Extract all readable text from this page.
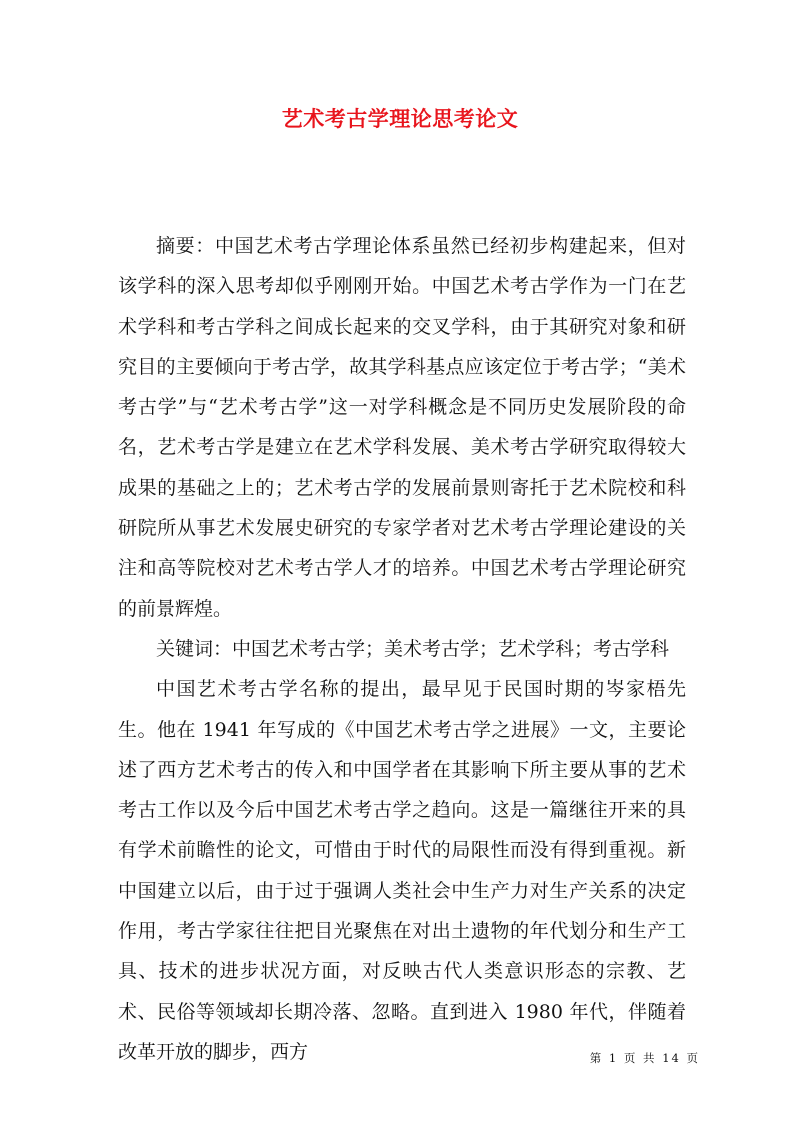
艺术考古学理论思考论文

摘要：中国艺术考古学理论体系虽然已经初步构建起来，但对该学科的深入思考却似乎刚刚开始。中国艺术考古学作为一门在艺术学科和考古学科之间成长起来的交叉学科，由于其研究对象和研究目的主要倾向于考古学，故其学科基点应该定位于考古学；“美术考古学”与“艺术考古学”这一对学科概念是不同历史发展阶段的命名，艺术考古学是建立在艺术学科发展、美术考古学研究取得较大成果的基础之上的；艺术考古学的发展前景则寄托于艺术院校和科研院所从事艺术发展史研究的专家学者对艺术考古学理论建设的关注和高等院校对艺术考古学人才的培养。中国艺术考古学理论研究的前景辉煌。

关键词：中国艺术考古学；美术考古学；艺术学科；考古学科

中国艺术考古学名称的提出，最早见于民国时期的岑家梧先生。他在 1941 年写成的《中国艺术考古学之进展》一文，主要论述了西方艺术考古的传入和中国学者在其影响下所主要从事的艺术考古工作以及今后中国艺术考古学之趋向。这是一篇继往开来的具有学术前瞻性的论文，可惜由于时代的局限性而没有得到重视。新中国建立以后，由于过于强调人类社会中生产力对生产关系的决定作用，考古学家往往把目光聚焦在对出土遗物的年代划分和生产工具、技术的进步状况方面，对反映古代人类意识形态的宗教、艺术、民俗等领域却长期冷落、忽略。直到进入 1980 年代，伴随着改革开放的脚步，西方	第 1 页 共 14 页
